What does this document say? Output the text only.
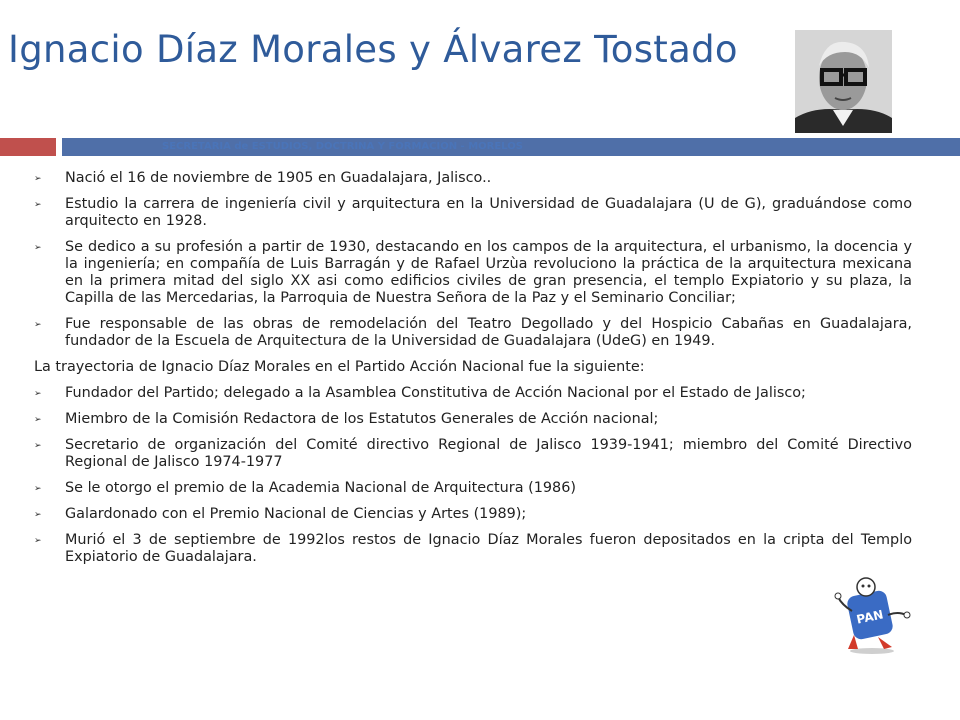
Ignacio Díaz Morales y Álvarez Tostado
SECRETARIA de ESTUDIOS, DOCTRINA Y FORMACION - MORELOS
➢ Nació el 16 de noviembre de 1905 en Guadalajara, Jalisco..
➢ Estudio la carrera de ingeniería civil y arquitectura en la Universidad de Guadalajara (U de G), graduándose como arquitecto en 1928.
➢ Se dedico a su profesión a partir de 1930, destacando en los campos de la arquitectura, el urbanismo, la docencia y la ingeniería; en compañía de Luis Barragán y de Rafael Urzùa revoluciono la práctica de la arquitectura mexicana en la primera mitad del siglo XX asi como edificios civiles de gran presencia, el templo Expiatorio y su plaza, la Capilla de las Mercedarias, la Parroquia de Nuestra Señora de la Paz y el Seminario Conciliar;
➢ Fue responsable de las obras de remodelación del Teatro Degollado y del Hospicio Cabañas en Guadalajara, fundador de la Escuela de Arquitectura de la Universidad de Guadalajara (UdeG) en 1949.
La trayectoria de Ignacio Díaz Morales en el Partido Acción Nacional fue la siguiente:
➢ Fundador del Partido; delegado a la Asamblea Constitutiva de Acción Nacional por el Estado de Jalisco;
➢ Miembro de la Comisión Redactora de los Estatutos Generales de Acción nacional;
➢ Secretario de organización del Comité directivo Regional de Jalisco 1939-1941; miembro del Comité Directivo Regional de Jalisco 1974-1977
➢ Se le otorgo el premio de la Academia Nacional de Arquitectura (1986)
➢ Galardonado con el Premio Nacional de Ciencias y Artes (1989);
➢ Murió el 3 de septiembre de 1992los restos de Ignacio Díaz Morales fueron depositados en la cripta del Templo Expiatorio de Guadalajara.
PAN
